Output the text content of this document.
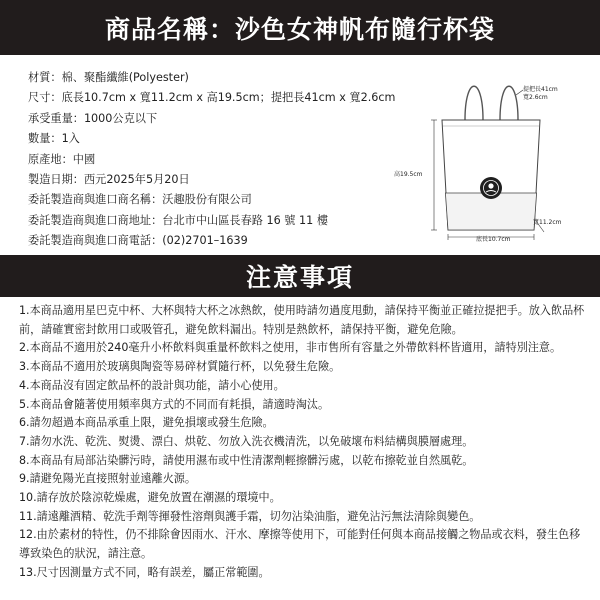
商品名稱：沙色女神帆布隨行杯袋
材質：棉、聚酯纖維(Polyester)
尺寸：底長10.7cm x 寬11.2cm x 高19.5cm；提把長41cm x 寬2.6cm
承受重量：1000公克以下
數量：1入
原產地：中國
製造日期：西元2025年5月20日
委託製造商與進口商名稱：沃趣股份有限公司
委託製造商與進口商地址：台北市中山區長春路 16 號 11 樓
委託製造商與進口商電話：(02)2701–1639
提把長41cm
寬2.6cm
高19.5cm
寬11.2cm
底長10.7cm
注意事項
1.本商品適用星巴克中杯、大杯與特大杯之冰熱飲，使用時請勿過度甩動，請保持平衡並正確拉提把手。放入飲品杯前，請確實密封飲用口或吸管孔，避免飲料漏出。特別是熱飲杯，請保持平衡，避免危險。
2.本商品不適用於240毫升小杯飲料與重量杯飲料之使用，非市售所有容量之外帶飲料杯皆適用，請特別注意。
3.本商品不適用於玻璃與陶瓷等易碎材質隨行杯，以免發生危險。
4.本商品沒有固定飲品杯的設計與功能，請小心使用。
5.本商品會隨著使用頻率與方式的不同而有耗損，請適時淘汰。
6.請勿超過本商品承重上限，避免損壞或發生危險。
7.請勿水洗、乾洗、熨燙、漂白、烘乾、勿放入洗衣機清洗，以免破壞布料結構與膜層處理。
8.本商品有局部沾染髒污時，請使用濕布或中性清潔劑輕擦髒污處，以乾布擦乾並自然風乾。
9.請避免陽光直接照射並遠離火源。
10.請存放於陰涼乾燥處，避免放置在潮濕的環境中。
11.請遠離酒精、乾洗手劑等揮發性溶劑與護手霜，切勿沾染油脂，避免沾污無法清除與變色。
12.由於素材的特性，仍不排除會因雨水、汗水、摩擦等使用下，可能對任何與本商品接觸之物品或衣料，發生色移導致染色的狀況，請注意。
13.尺寸因測量方式不同，略有誤差，屬正常範圍。
